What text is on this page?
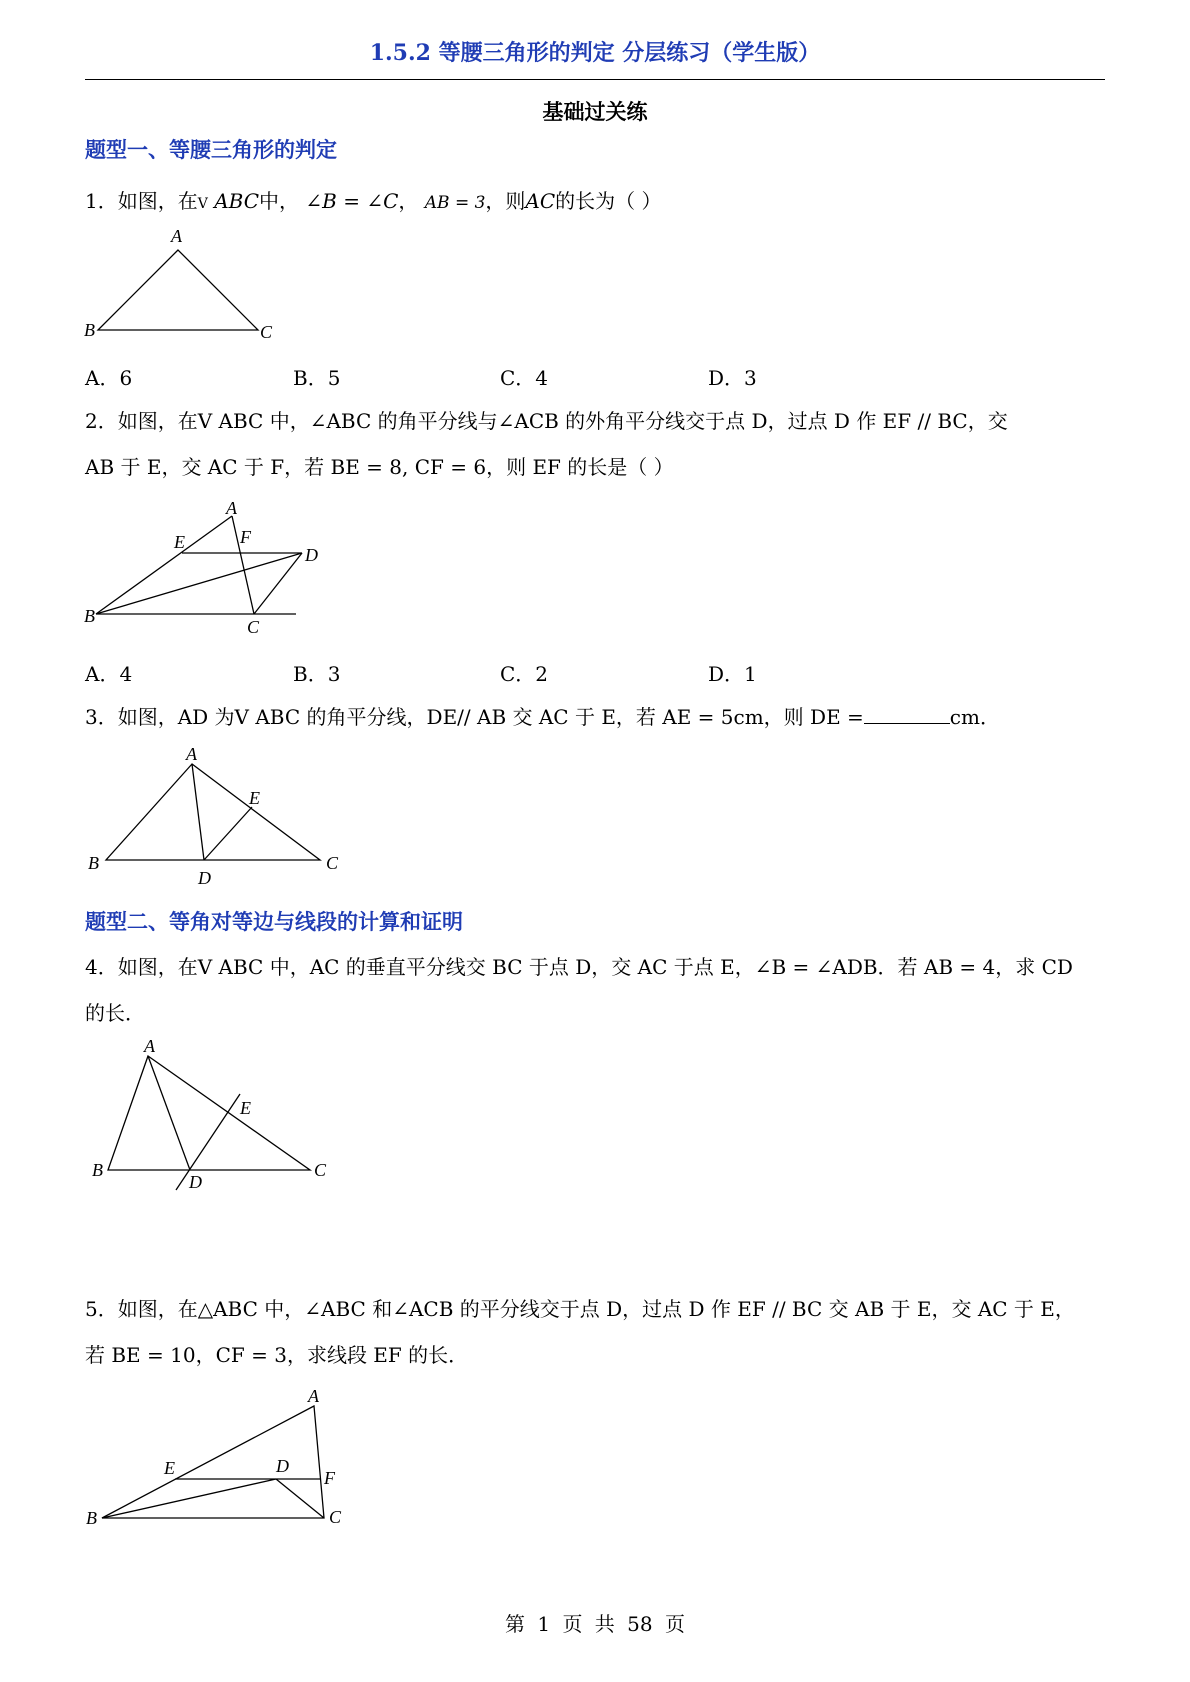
1.5.2 等腰三角形的判定 分层练习（学生版）
基础过关练
题型一、等腰三角形的判定
1．如图，在V ABC中， ∠B = ∠C， AB = 3，则AC的长为（ ）
A
B	C
A．6	B．5	C．4	D．3
2．如图，在V ABC 中，∠ABC 的角平分线与∠ACB 的外角平分线交于点 D，过点 D 作 EF // BC，交
AB 于 E，交 AC 于 F，若 BE = 8, CF = 6，则 EF 的长是（ ）
A
E	F
D
B
C
A．4	B．3	C．2	D．1
3．如图，AD 为V ABC 的角平分线，DE// AB 交 AC 于 E，若 AE = 5cm，则 DE =	cm．
A
E
B
D
C
题型二、等角对等边与线段的计算和证明
4．如图，在V ABC 中，AC 的垂直平分线交 BC 于点 D，交 AC 于点 E，∠B = ∠ADB．若 AB = 4，求 CD
的长．
A
E
B
D
C
5．如图，在△ABC 中，∠ABC 和∠ACB 的平分线交于点 D，过点 D 作 EF // BC 交 AB 于 E，交 AC 于 E，
若 BE = 10，CF = 3，求线段 EF 的长．
A
E	D
F
B	C
第 1 页 共 58 页
